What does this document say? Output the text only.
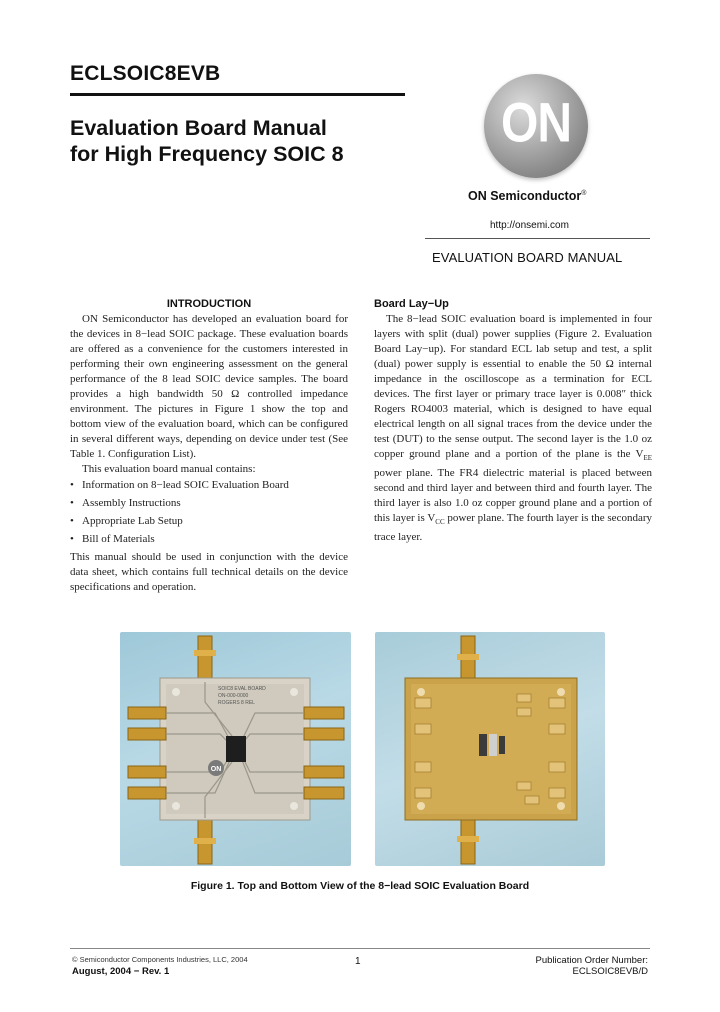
ECLSOIC8EVB
Evaluation Board Manual
for High Frequency SOIC 8
ON
ON Semiconductor®
http://onsemi.com
EVALUATION BOARD MANUAL
INTRODUCTION

ON Semiconductor has developed an evaluation board for the devices in 8−lead SOIC package. These evaluation boards are offered as a convenience for the customers interested in performing their own engineering assessment on the general performance of the 8 lead SOIC device samples. The board provides a high bandwidth 50 Ω controlled impedance environment. The pictures in Figure 1 show the top and bottom view of the evaluation board, which can be configured in several different ways, depending on device under test (See Table 1. Configuration List).

This evaluation board manual contains:

• Information on 8−lead SOIC Evaluation Board
• Assembly Instructions
• Appropriate Lab Setup
• Bill of Materials

This manual should be used in conjunction with the device data sheet, which contains full technical details on the device specifications and operation.

Board Lay−Up

The 8−lead SOIC evaluation board is implemented in four layers with split (dual) power supplies (Figure 2. Evaluation Board Lay−up). For standard ECL lab setup and test, a split (dual) power supply is essential to enable the 50 Ω internal impedance in the oscilloscope as a termination for ECL devices. The first layer or primary trace layer is 0.008″ thick Rogers RO4003 material, which is designed to have equal electrical length on all signal traces from the device under the test (DUT) to the sense output. The second layer is the 1.0 oz copper ground plane and a portion of the plane is the $V_{EE}$ power plane. The FR4 dielectric material is placed between second and third layer and between third and fourth layer. The third layer is also 1.0 oz copper ground plane and a portion of this layer is $V_{CC}$ power plane. The fourth layer is the secondary trace layer.

ON
SOIC8 EVAL BOARD
ON-000-0000
ROGERS 8 REL
Figure 1. Top and Bottom View of the 8−lead SOIC Evaluation Board
© Semiconductor Components Industries, LLC, 2004
August, 2004 − Rev. 1
1	Publication Order Number:
ECLSOIC8EVB/D
